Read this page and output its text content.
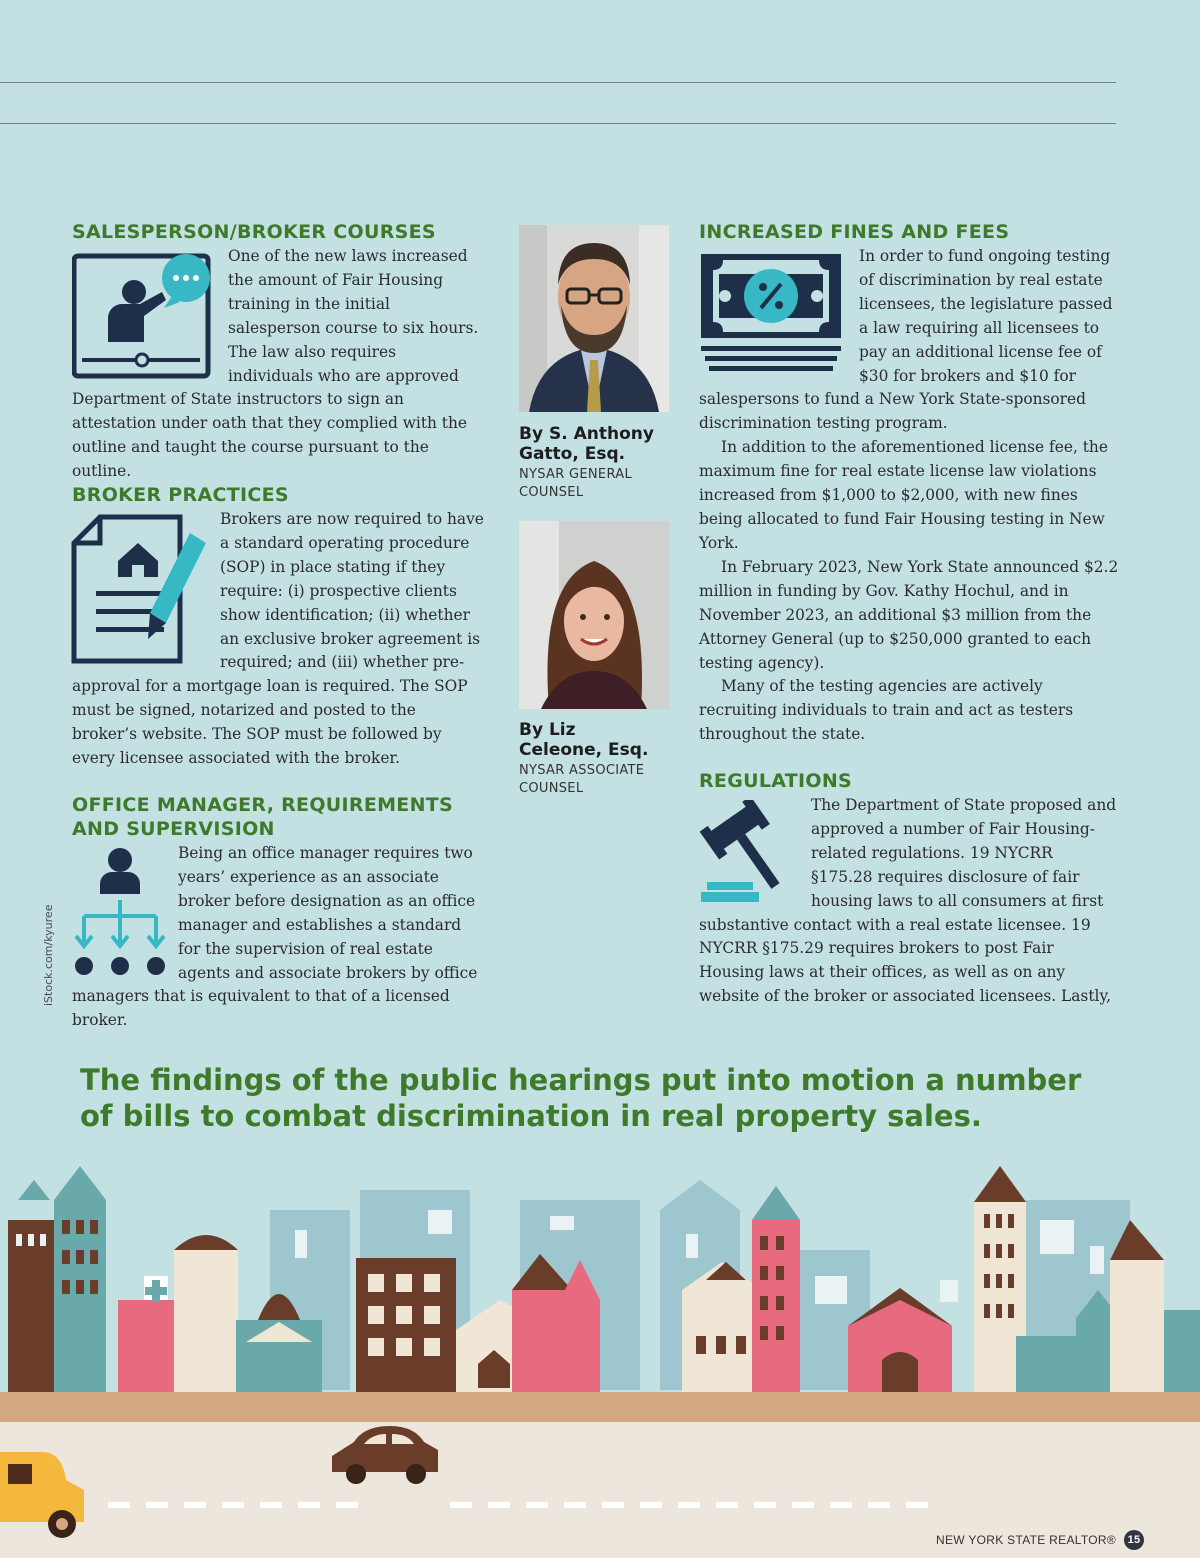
SALESPERSON/BROKER COURSES

One of the new laws increased the amount of Fair Housing training in the initial salesperson course to six hours. The law also requires individuals who are approved Department of State instructors to sign an attestation under oath that they complied with the outline and taught the course pursuant to the outline.

BROKER PRACTICES

Brokers are now required to have a standard operating procedure (SOP) in place stating if they require: (i) prospective clients show identification; (ii) whether an exclusive broker agreement is required; and (iii) whether pre-approval for a mortgage loan is required. The SOP must be signed, notarized and posted to the broker’s website. The SOP must be followed by every licensee associated with the broker.

OFFICE MANAGER, REQUIREMENTS
AND SUPERVISION

Being an office manager requires two years’ experience as an associate broker before designation as an office manager and establishes a standard for the supervision of real estate agents and associate brokers by office managers that is equivalent to that of a licensed broker.

iStock.com/kyuree
By S. Anthony
Gatto, Esq.
NYSAR GENERAL
COUNSEL
By Liz
Celeone, Esq.
NYSAR ASSOCIATE
COUNSEL
INCREASED FINES AND FEES

In order to fund ongoing testing of discrimination by real estate licensees, the legislature passed a law requiring all licensees to pay an additional license fee of $30 for brokers and $10 for salespersons to fund a New York State-sponsored discrimination testing program.

In addition to the aforementioned license fee, the maximum fine for real estate license law violations increased from $1,000 to $2,000, with new fines being allocated to fund Fair Housing testing in New York.

In February 2023, New York State announced $2.2 million in funding by Gov. Kathy Hochul, and in November 2023, an additional $3 million from the Attorney General (up to $250,000 granted to each testing agency).

Many of the testing agencies are actively recruiting individuals to train and act as testers throughout the state.

REGULATIONS

The Department of State proposed and approved a number of Fair Housing-related regulations. 19 NYCRR §175.28 requires disclosure of fair housing laws to all consumers at first substantive contact with a real estate licensee. 19 NYCRR §175.29 requires brokers to post Fair Housing laws at their offices, as well as on any website of the broker or associated licensees. Lastly,

The findings of the public hearings put into motion a number of bills to combat discrimination in real property sales.

NEW YORK STATE REALTOR®	15
